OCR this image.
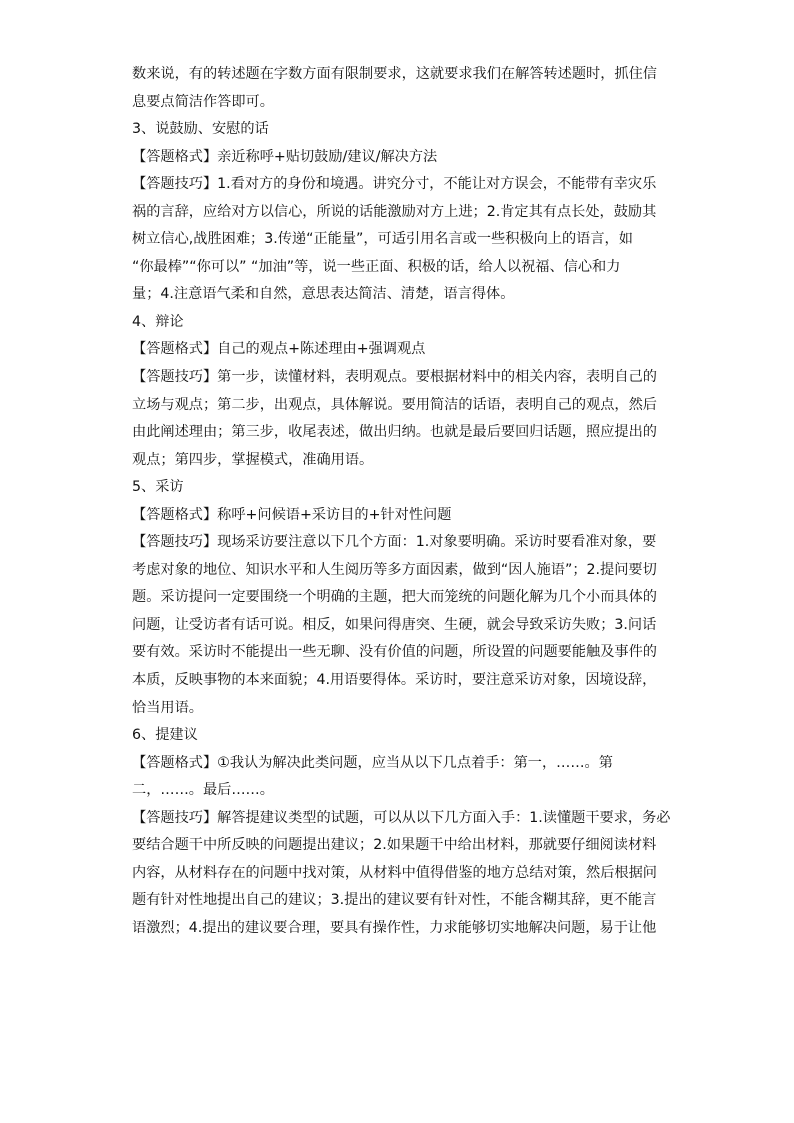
数来说，有的转述题在字数方面有限制要求，这就要求我们在解答转述题时，抓住信

息要点简洁作答即可。

3、说鼓励、安慰的话

【答题格式】亲近称呼+贴切鼓励/建议/解决方法

【答题技巧】1.看对方的身份和境遇。讲究分寸，不能让对方误会，不能带有幸灾乐

祸的言辞，应给对方以信心，所说的话能激励对方上进；2.肯定其有点长处，鼓励其

树立信心,战胜困难；3.传递“正能量”，可适引用名言或一些积极向上的语言，如

“你最棒”“你可以” “加油”等，说一些正面、积极的话，给人以祝福、信心和力

量；4.注意语气柔和自然，意思表达简洁、清楚，语言得体。

4、辩论

【答题格式】自己的观点+陈述理由+强调观点

【答题技巧】第一步，读懂材料，表明观点。要根据材料中的相关内容，表明自己的

立场与观点；第二步，出观点，具体解说。要用简洁的话语，表明自己的观点，然后

由此阐述理由；第三步，收尾表述，做出归纳。也就是最后要回归话题，照应提出的

观点；第四步，掌握模式，准确用语。

5、采访

【答题格式】称呼+问候语+采访目的+针对性问题

【答题技巧】现场采访要注意以下几个方面：1.对象要明确。采访时要看准对象，要

考虑对象的地位、知识水平和人生阅历等多方面因素，做到“因人施语”；2.提问要切

题。采访提问一定要围绕一个明确的主题，把大而笼统的问题化解为几个小而具体的

问题，让受访者有话可说。相反，如果问得唐突、生硬，就会导致采访失败；3.问话

要有效。采访时不能提出一些无聊、没有价值的问题，所设置的问题要能触及事件的

本质，反映事物的本来面貌；4.用语要得体。采访时，要注意采访对象，因境设辞，

恰当用语。

6、提建议

【答题格式】①我认为解决此类问题，应当从以下几点着手：第一，……。第

二，……。最后……。

【答题技巧】解答提建议类型的试题，可以从以下几方面入手：1.读懂题干要求，务必

要结合题干中所反映的问题提出建议；2.如果题干中给出材料，那就要仔细阅读材料

内容，从材料存在的问题中找对策，从材料中值得借鉴的地方总结对策，然后根据问

题有针对性地提出自己的建议；3.提出的建议要有针对性，不能含糊其辞，更不能言

语激烈；4.提出的建议要合理，要具有操作性，力求能够切实地解决问题，易于让他
